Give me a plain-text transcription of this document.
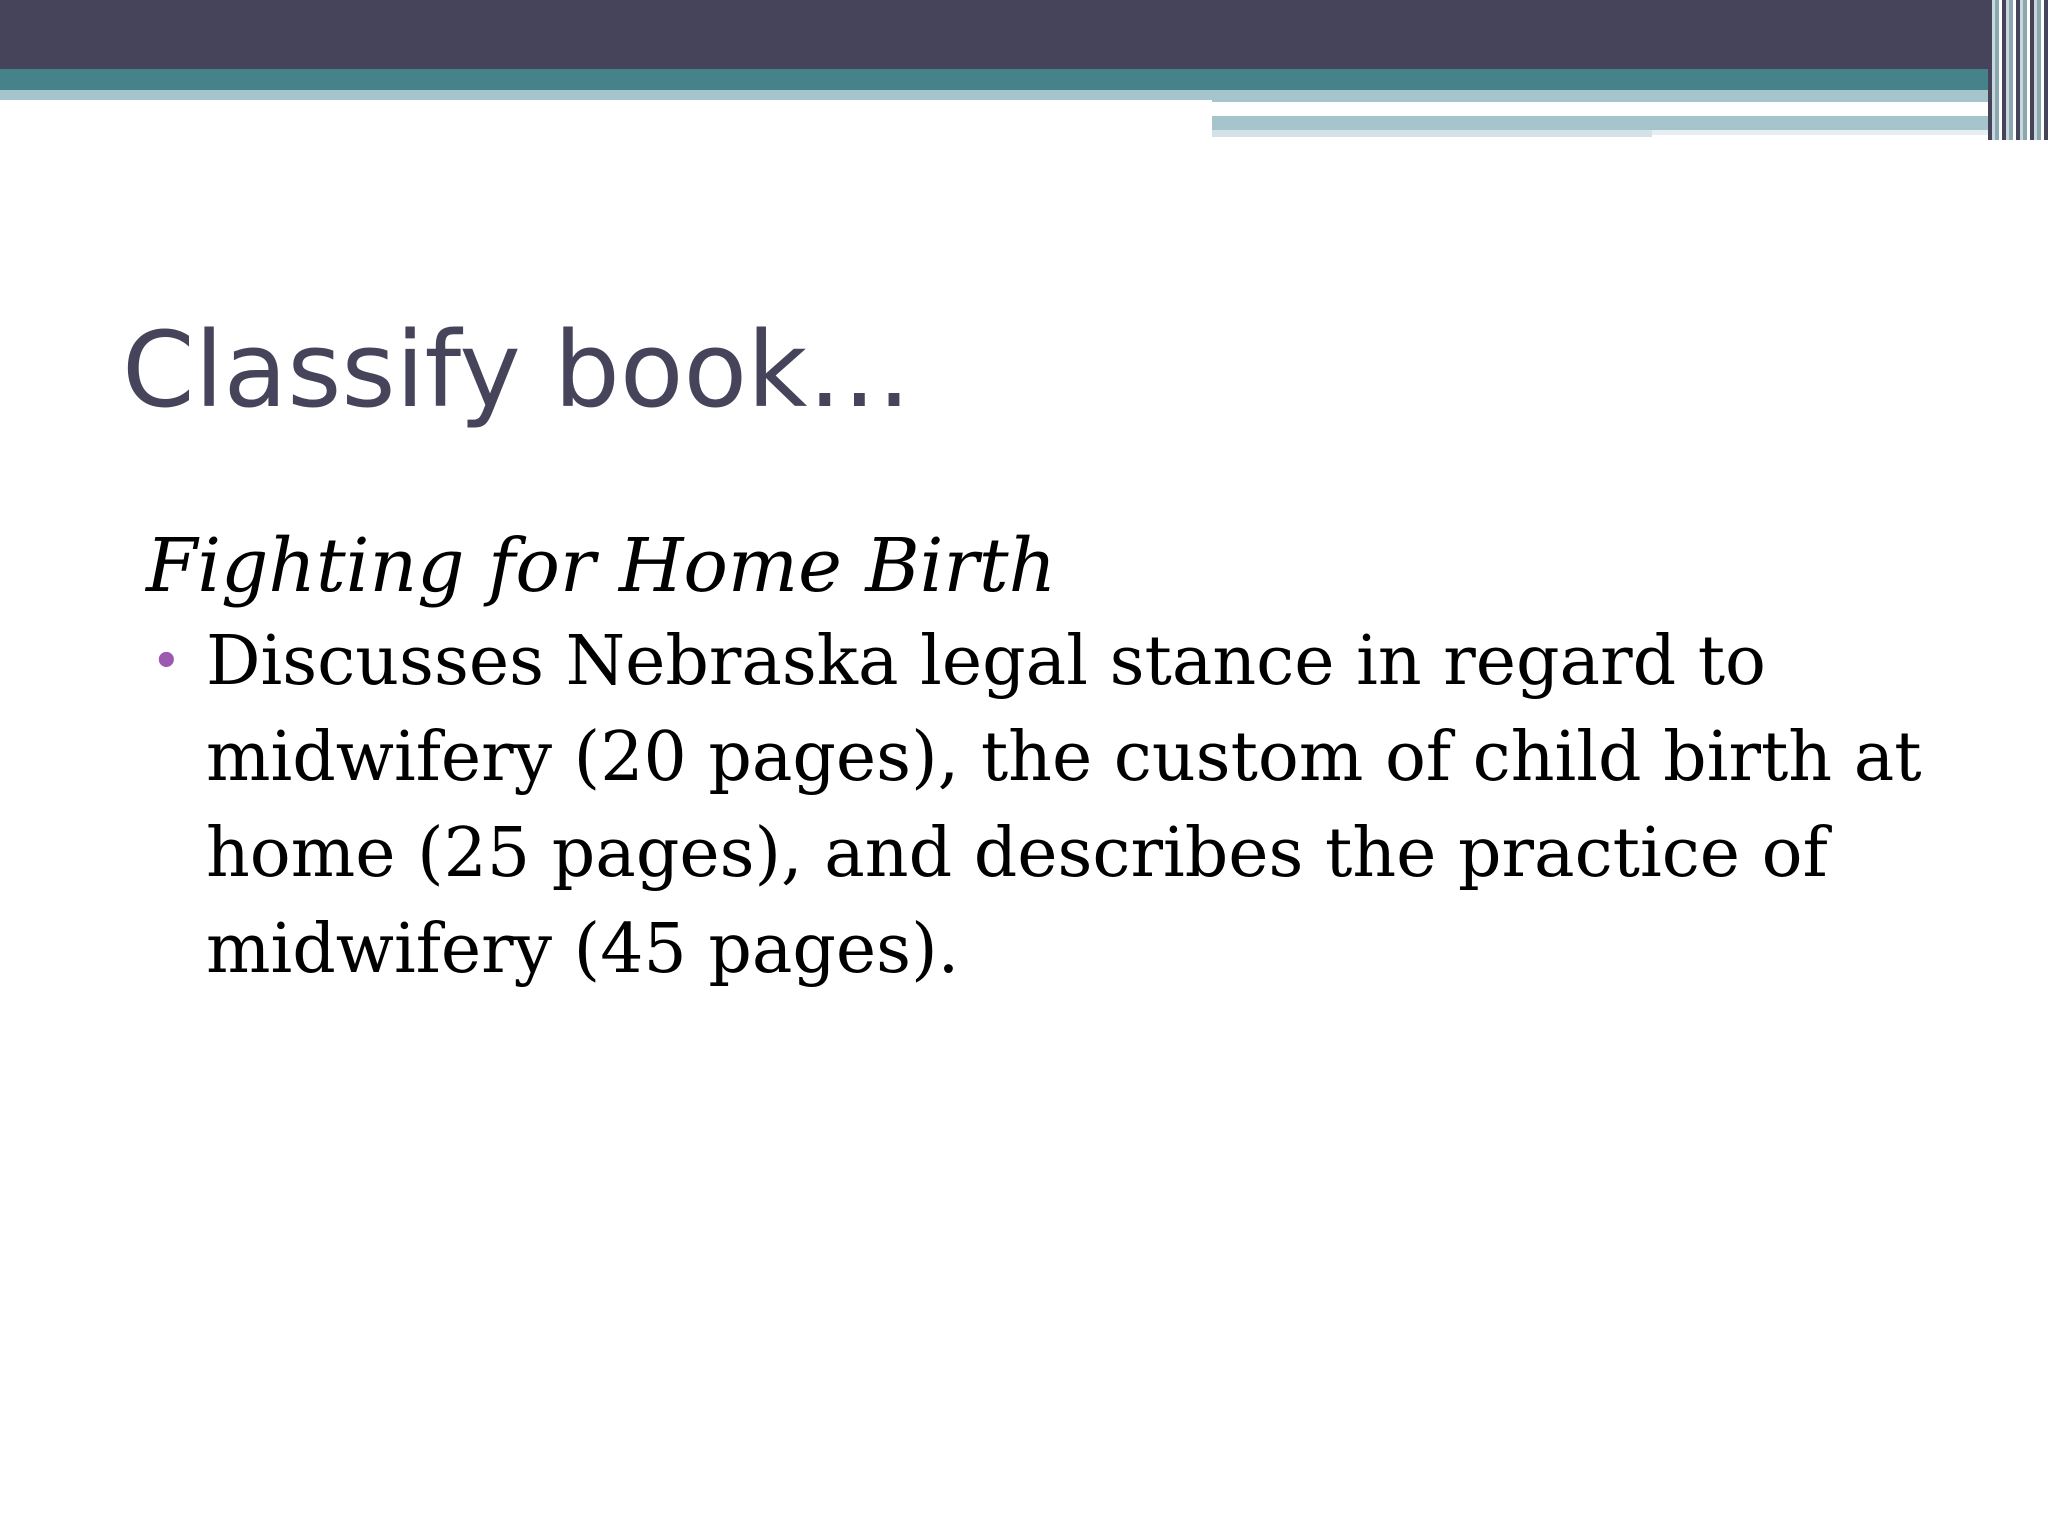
Classify book…

Fighting for Home Birth

• Discusses Nebraska legal stance in regard to midwifery (20 pages), the custom of child birth at home (25 pages), and describes the practice of midwifery (45 pages).
